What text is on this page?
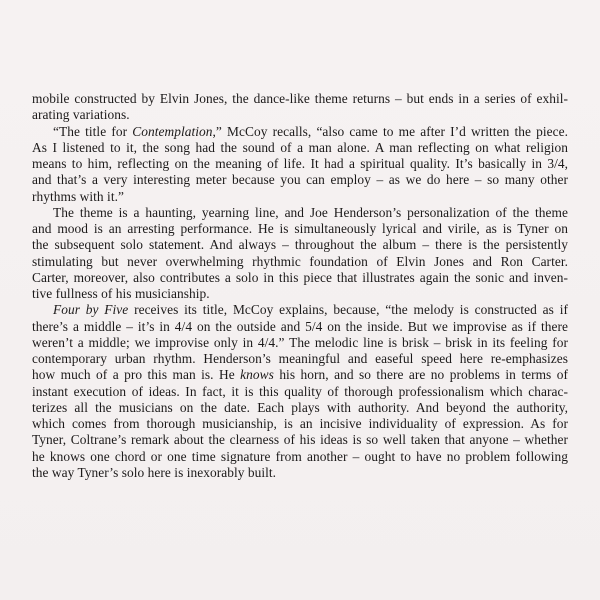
mobile constructed by Elvin Jones, the dance-like theme returns – but ends in a series of exhil-
arating variations.
“The title for Contemplation,” McCoy recalls, “also came to me after I’d written the piece.
As I listened to it, the song had the sound of a man alone. A man reflecting on what religion
means to him, reflecting on the meaning of life. It had a spiritual quality. It’s basically in 3/4,
and that’s a very interesting meter because you can employ – as we do here – so many other
rhythms with it.”
The theme is a haunting, yearning line, and Joe Henderson’s personalization of the theme
and mood is an arresting performance. He is simultaneously lyrical and virile, as is Tyner on
the subsequent solo statement. And always – throughout the album – there is the persistently
stimulating but never overwhelming rhythmic foundation of Elvin Jones and Ron Carter.
Carter, moreover, also contributes a solo in this piece that illustrates again the sonic and inven-
tive fullness of his musicianship.
Four by Five receives its title, McCoy explains, because, “the melody is constructed as if
there’s a middle – it’s in 4/4 on the outside and 5/4 on the inside. But we improvise as if there
weren’t a middle; we improvise only in 4/4.” The melodic line is brisk – brisk in its feeling for
contemporary urban rhythm. Henderson’s meaningful and easeful speed here re-emphasizes
how much of a pro this man is. He knows his horn, and so there are no problems in terms of
instant execution of ideas. In fact, it is this quality of thorough professionalism which charac-
terizes all the musicians on the date. Each plays with authority. And beyond the authority,
which comes from thorough musicianship, is an incisive individuality of expression. As for
Tyner, Coltrane’s remark about the clearness of his ideas is so well taken that anyone – whether
he knows one chord or one time signature from another – ought to have no problem following
the way Tyner’s solo here is inexorably built.
